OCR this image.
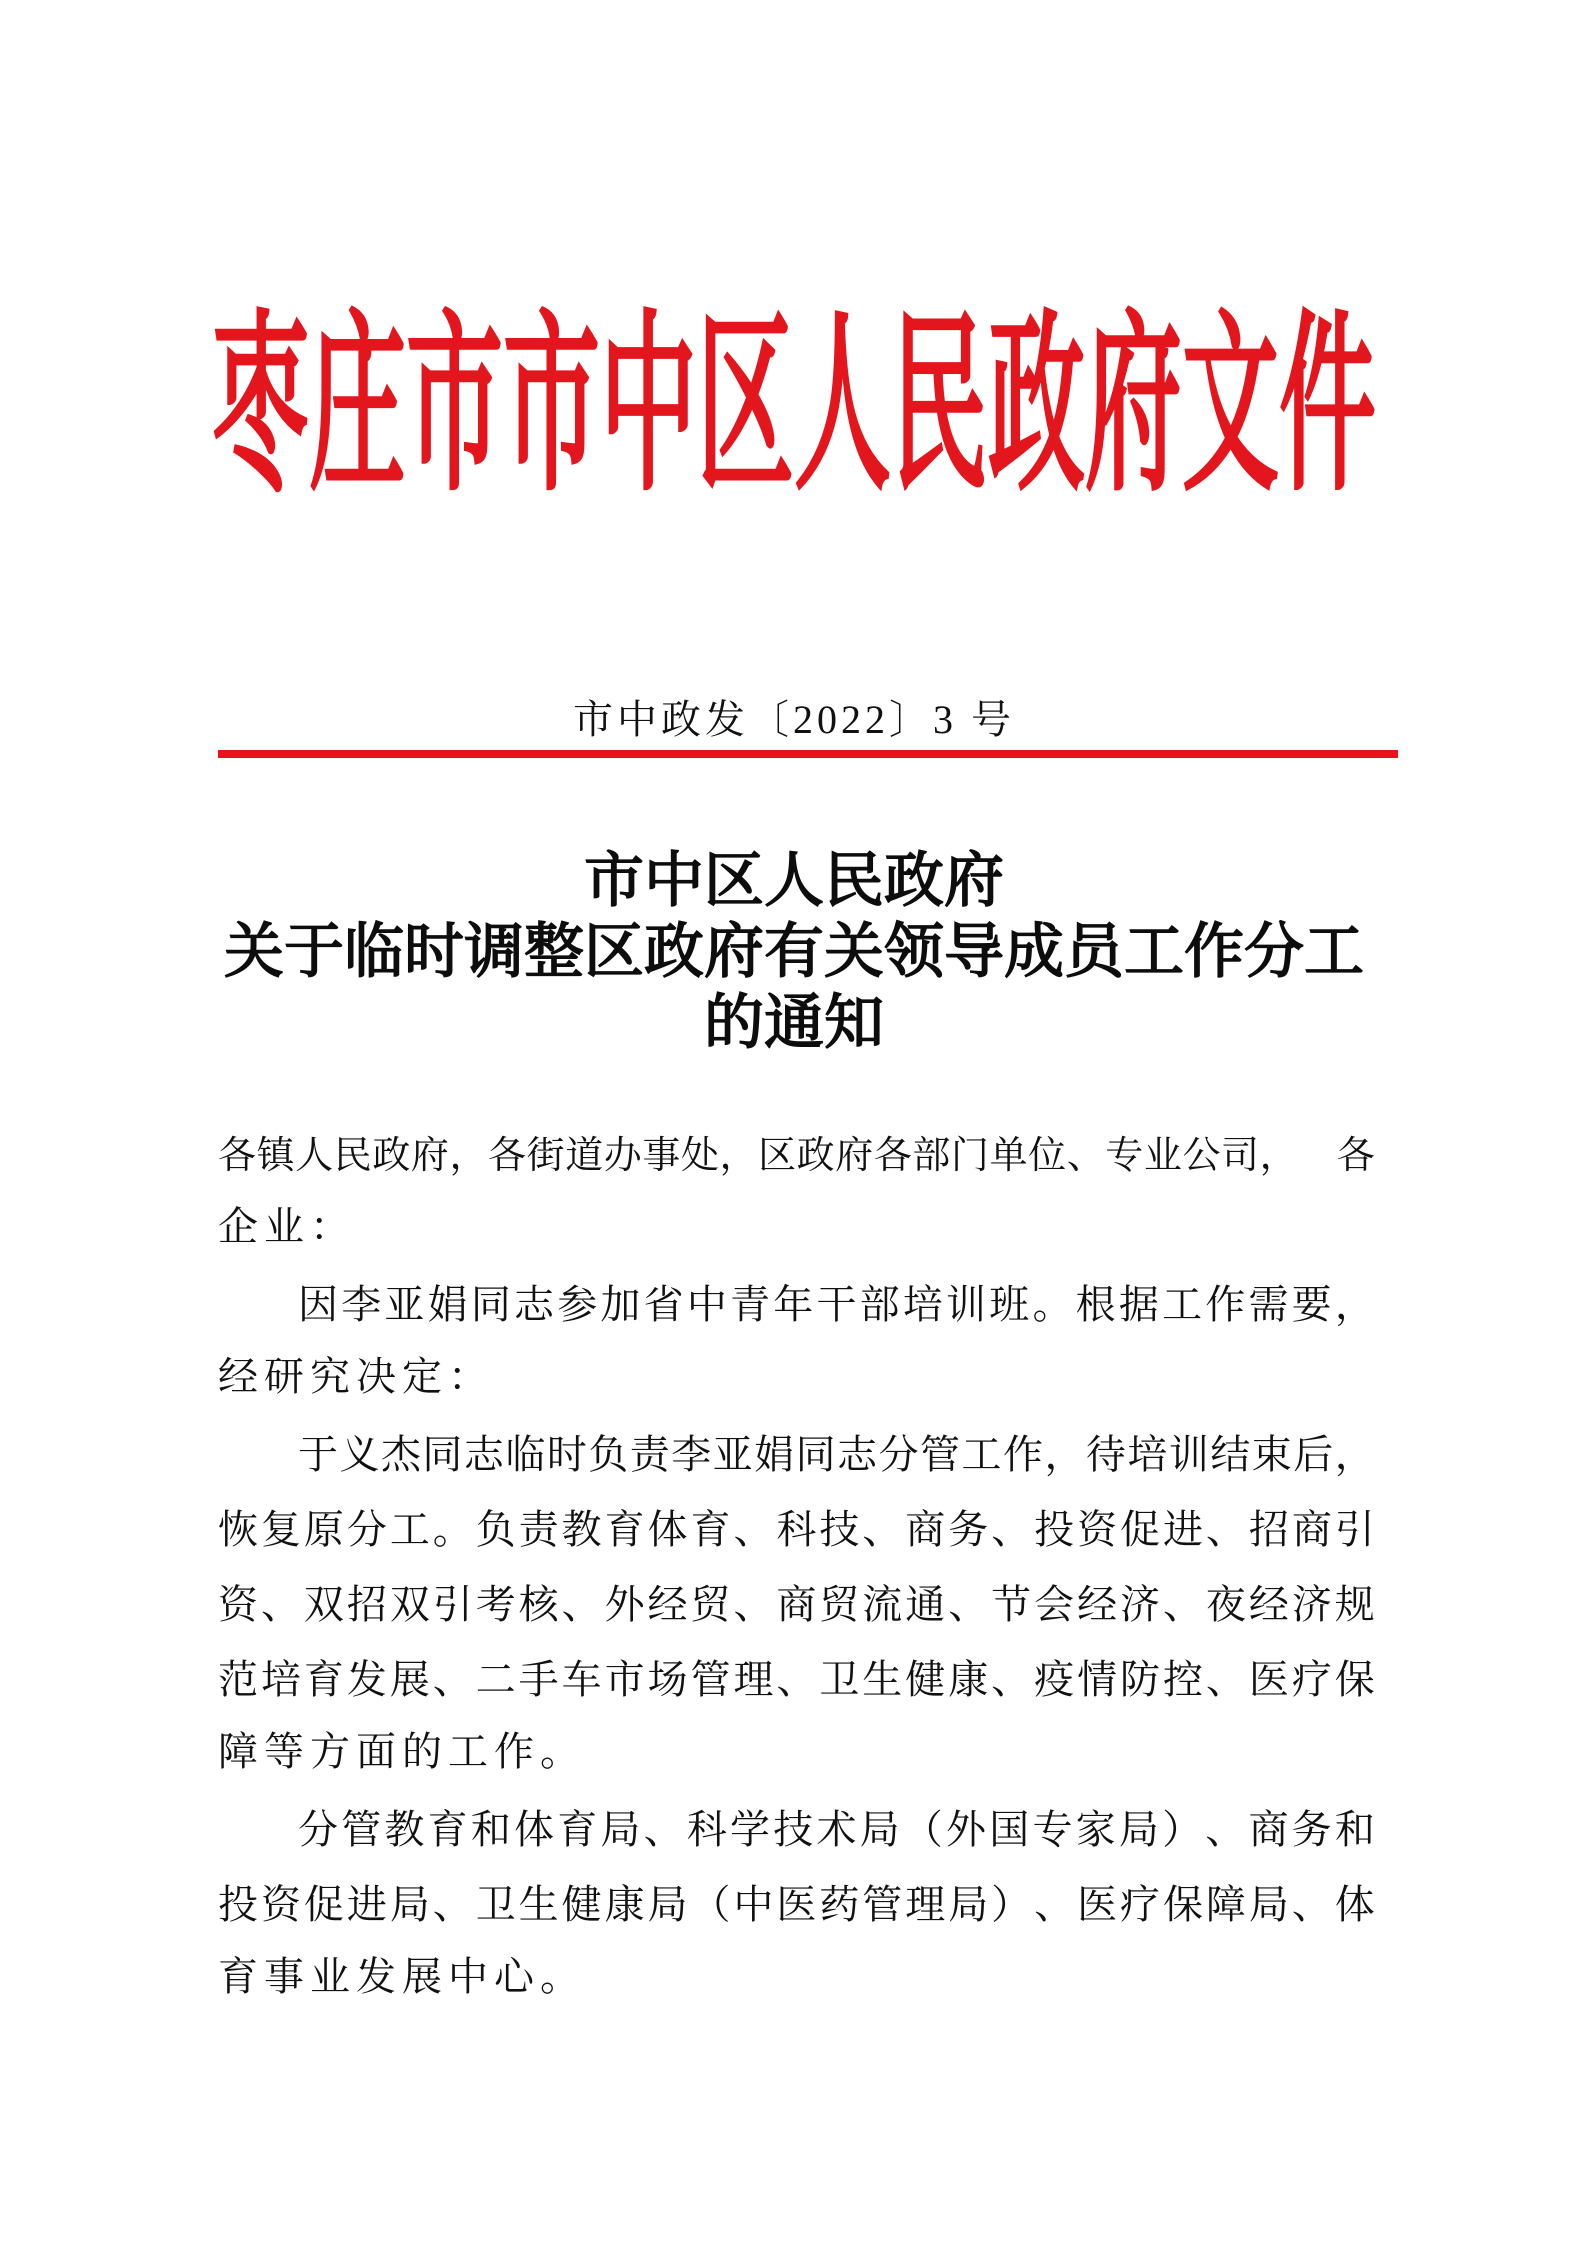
枣庄市市中区人民政府文件
市中政发〔2022〕3 号
市中区人民政府
关于临时调整区政府有关领导成员工作分工
的通知
各 镇 人 民 政 府 ， 各 街 道 办 事 处 ， 区 政 府 各 部 门 单 位 、 专 业 公 司 ，
　 各
企业：
因 李 亚 娟 同 志 参 加 省 中 青 年 干 部 培 训 班 。 根 据 工 作 需 要 ，
经研究决定：
于 义 杰 同 志 临 时 负 责 李 亚 娟 同 志 分 管 工 作 ， 待 培 训 结 束 后 ，
恢 复 原 分 工 。 负 责 教 育 体 育 、 科 技 、 商 务 、 投 资 促 进 、 招 商 引
资 、 双 招 双 引 考 核 、 外 经 贸 、 商 贸 流 通 、 节 会 经 济 、 夜 经 济 规
范 培 育 发 展 、 二 手 车 市 场 管 理 、 卫 生 健 康 、 疫 情 防 控 、 医 疗 保
障等方面的工作。
分 管 教 育 和 体 育 局 、 科 学 技 术 局 （ 外 国 专 家 局 ） 、 商 务 和
投 资 促 进 局 、 卫 生 健 康 局 （ 中 医 药 管 理 局 ） 、 医 疗 保 障 局 、 体
育事业发展中心。
